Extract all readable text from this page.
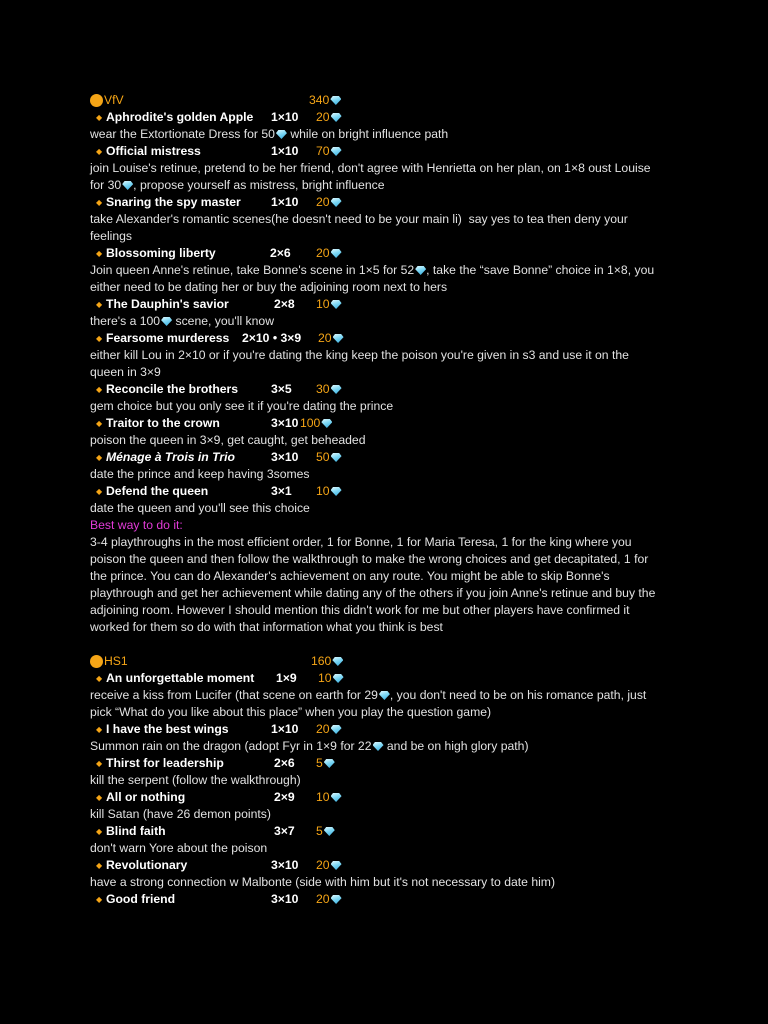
VfV	340
◆ Aphrodite's golden Apple 1×10 20
wear the Extortionate Dress for 50 while on bright influence path
◆ Official mistress	1×10 70
join Louise's retinue, pretend to be her friend, don't agree with Henrietta on her plan, on 1×8 oust Louise
for 30 , propose yourself as mistress, bright influence
◆ Snaring the spy master 1×10 20
take Alexander's romantic scenes(he doesn't need to be your main li)  say yes to tea then deny your
feelings
◆ Blossoming liberty	2×6 20
Join queen Anne's retinue, take Bonne's scene in 1×5 for 52 , take the “save Bonne” choice in 1×8, you
either need to be dating her or buy the adjoining room next to hers
◆ The Dauphin's savior	2×8 10
there's a 100 scene, you'll know
◆ Fearsome murderess 2×10 • 3×9 20
either kill Lou in 2×10 or if you're dating the king keep the poison you're given in s3 and use it on the
queen in 3×9
◆ Reconcile the brothers	3×5 30
gem choice but you only see it if you're dating the prince
◆ Traitor to the crown	3×10 100
poison the queen in 3×9, get caught, get beheaded
◆ Ménage à Trois in Trio	3×10 50
date the prince and keep having 3somes
◆ Defend the queen	3×1 10
date the queen and you'll see this choice
Best way to do it:
3-4 playthroughs in the most efficient order, 1 for Bonne, 1 for Maria Teresa, 1 for the king where you
poison the queen and then follow the walkthrough to make the wrong choices and get decapitated, 1 for
the prince. You can do Alexander's achievement on any route. You might be able to skip Bonne's
playthrough and get her achievement while dating any of the others if you join Anne's retinue and buy the
adjoining room. However I should mention this didn't work for me but other players have confirmed it
worked for them so do with that information what you think is best
HS1	160
◆ An unforgettable moment 1×9 10
receive a kiss from Lucifer (that scene on earth for 29 , you don't need to be on his romance path, just
pick “What do you like about this place” when you play the question game)
◆ I have the best wings	1×10 20
Summon rain on the dragon (adopt Fyr in 1×9 for 22 and be on high glory path)
◆ Thirst for leadership	2×6 5
kill the serpent (follow the walkthrough)
◆ All or nothing	2×9 10
kill Satan (have 26 demon points)
◆ Blind faith	3×7 5
don't warn Yore about the poison
◆ Revolutionary	3×10 20
have a strong connection w Malbonte (side with him but it's not necessary to date him)
◆ Good friend	3×10 20
